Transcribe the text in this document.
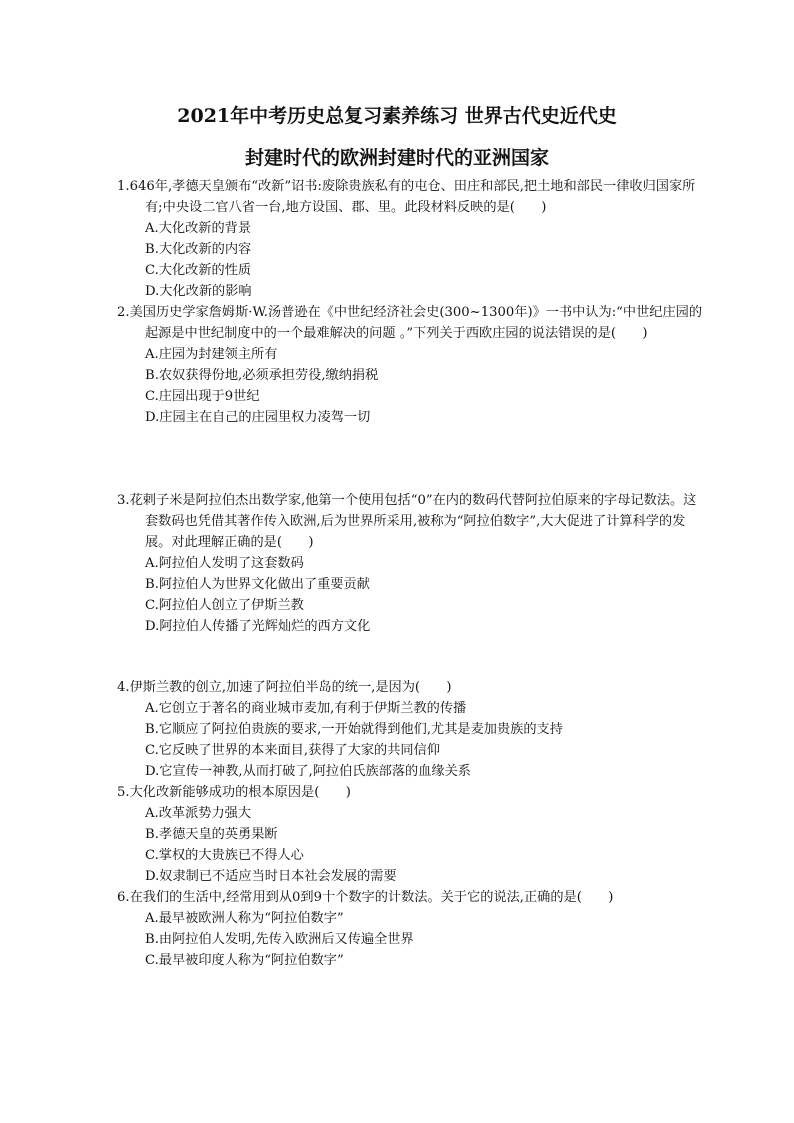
2021年中考历史总复习素养练习 世界古代史近代史
封建时代的欧洲封建时代的亚洲国家

1.646年,孝德天皇颁布“改新”诏书:废除贵族私有的屯仓、田庄和部民,把土地和部民一律收归国家所有;中央设二官八省一台,地方设国、郡、里。此段材料反映的是(　　)

A.大化改新的背景

B.大化改新的内容

C.大化改新的性质

D.大化改新的影响

2.美国历史学家詹姆斯·W.汤普逊在《中世纪经济社会史(300~1300年)》一书中认为:“中世纪庄园的起源是中世纪制度中的一个最难解决的问题 。”下列关于西欧庄园的说法错误的是(　　)

A.庄园为封建领主所有

B.农奴获得份地,必须承担劳役,缴纳捐税

C.庄园出现于9世纪

D.庄园主在自己的庄园里权力凌驾一切

3.花剌子米是阿拉伯杰出数学家,他第一个使用包括“0”在内的数码代替阿拉伯原来的字母记数法。这套数码也凭借其著作传入欧洲,后为世界所采用,被称为“阿拉伯数字”,大大促进了计算科学的发展。对此理解正确的是(　　)

A.阿拉伯人发明了这套数码

B.阿拉伯人为世界文化做出了重要贡献

C.阿拉伯人创立了伊斯兰教

D.阿拉伯人传播了光辉灿烂的西方文化

4.伊斯兰教的创立,加速了阿拉伯半岛的统一,是因为(　　)

A.它创立于著名的商业城市麦加,有利于伊斯兰教的传播

B.它顺应了阿拉伯贵族的要求,一开始就得到他们,尤其是麦加贵族的支持

C.它反映了世界的本来面目,获得了大家的共同信仰

D.它宣传一神教,从而打破了,阿拉伯氏族部落的血缘关系

5.大化改新能够成功的根本原因是(　　)

A.改革派势力强大

B.孝德天皇的英勇果断

C.掌权的大贵族已不得人心

D.奴隶制已不适应当时日本社会发展的需要

6.在我们的生活中,经常用到从0到9十个数字的计数法。关于它的说法,正确的是(　　)

A.最早被欧洲人称为“阿拉伯数字”

B.由阿拉伯人发明,先传入欧洲后又传遍全世界

C.最早被印度人称为“阿拉伯数字”
